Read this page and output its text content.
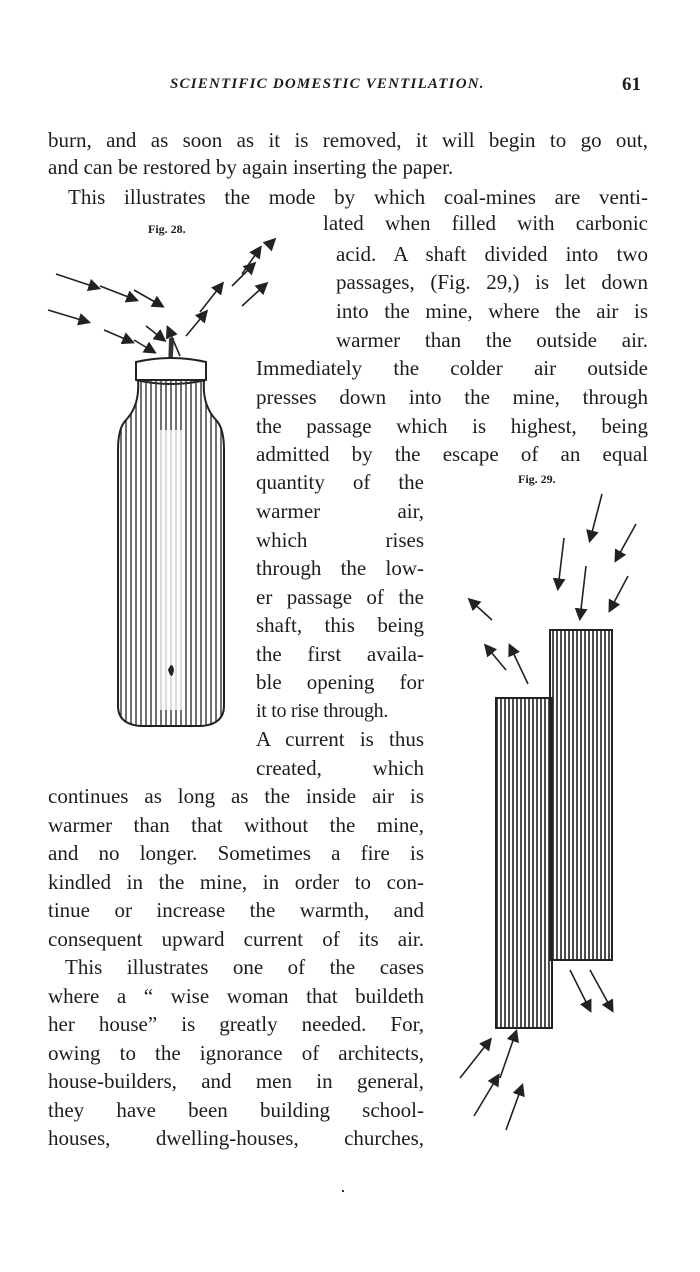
SCIENTIFIC DOMESTIC VENTILATION.	61
Fig. 28.
Fig. 29.
burn, and as soon as it is removed, it will begin to go out,
and can be restored by again inserting the paper.
This illustrates the mode by which coal-mines are venti-
lated when filled with carbonic
acid. A shaft divided into two
passages, (Fig. 29,) is let down
into the mine, where the air is
warmer than the outside air.
Immediately the colder air outside
presses down into the mine, through
the passage which is highest, being
admitted by the escape of an equal
quantity of the
warmer air,
which rises
through the low-
er passage of the
shaft, this being
the first availa-
ble opening for
it to rise through.
A current is thus
created, which
continues as long as the inside air is
warmer than that without the mine,
and no longer. Sometimes a fire is
kindled in the mine, in order to con-
tinue or increase the warmth, and
consequent upward current of its air.
This illustrates one of the cases
where a “ wise woman that buildeth
her house” is greatly needed. For,
owing to the ignorance of architects,
house-builders, and men in general,
they have been building school-
houses, dwelling-houses, churches,
